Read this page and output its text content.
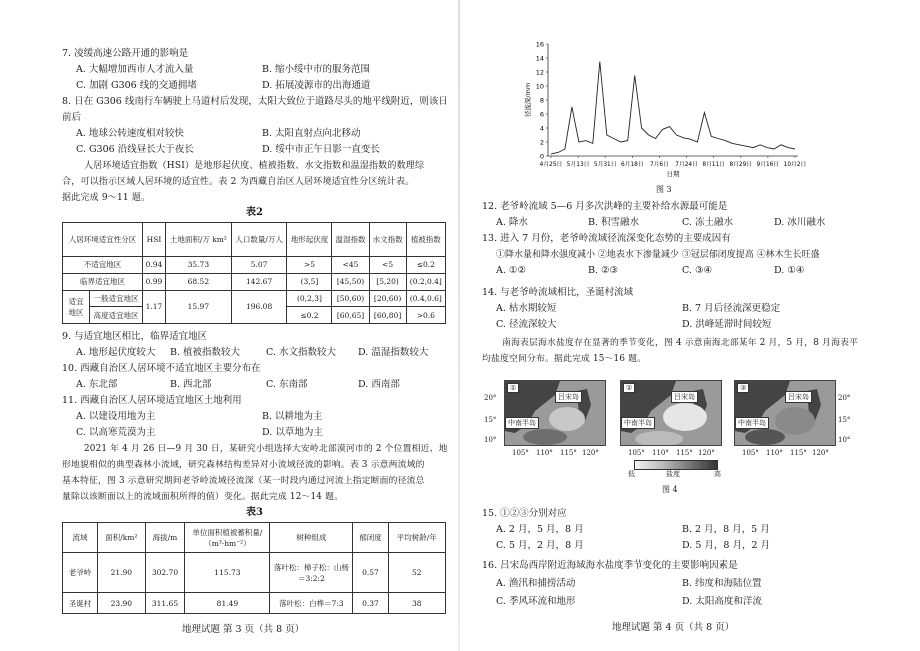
7. 凌缓高速公路开通的影响是
A. 大幅增加西市人才流入量	B. 缩小绥中市的服务范围
C. 加剧 G306 线的交通拥堵	D. 拓展凌源市的出海通道
8. 日在 G306 线南行车辆驶上马道村后发现，太阳大致位于道路尽头的地平线附近，则该日
前后
A. 地球公转速度相对较快	B. 太阳直射点向北移动
C. G306 沿线昼长大于夜长	D. 绥中市正午日影一直变长
人居环境适宜指数（HSI）是地形起伏度、植被指数、水文指数和温湿指数的数理综
合，可以指示区域人居环境的适宜性。表 2 为西藏自治区人居环境适宜性分区统计表。
据此完成 9～11 题。
表2
人居环境适宜性分区		HSI	土地面积/万 km²	人口数量/万人	地形起伏度	温湿指数	水文指数	植被指数
不适宜地区		0.94	35.73	5.07	>5	<45	<5	≤0.2
临界适宜地区		0.99	68.52	142.67	(3,5]	[45,50)	[5,20)	(0.2,0.4]
适宜地区	一般适宜地区	1.17	15.97	196.08	(0,2,3]	[50,60)	[20,60)	(0.4,0.6]
	高度适宜地区				≤0.2	[60,65]	[60,80]	>0.6
9. 与适宜地区相比，临界适宜地区
A. 地形起伏度较大 B. 植被指数较大	C. 水文指数较大 D. 温湿指数较大
10. 西藏自治区人居环境不适宜地区主要分布在
A. 东北部	B. 西北部	C. 东南部	D. 西南部
11. 西藏自治区人居环境适宜地区土地利用
A. 以建设用地为主	B. 以耕地为主
C. 以高寒荒漠为主	D. 以草地为主
2021 年 4 月 26 日—9 月 30 日，某研究小组选择大安岭北部漠河市的 2 个位置相近、地
形地貌相似的典型森林小流域，研究森林结构差异对小流域径流的影响。表 3 示意两流域的
基本特征，图 3 示意研究期间老爷岭流域径流深（某一时段内通过河流上指定断面的径流总
量除以该断面以上的流域面积所得的值）变化。据此完成 12～14 题。
表3
流域	面积/km²	海拔/m	单位面积植被蓄积量/（m³·hm⁻²）	树种组成	郁闭度	平均树龄/年
老爷岭	21.90	302.70	115.73	落叶松：樟子松：山杨＝3:2:2	0.57	52
圣诞村	23.90	311.65	81.49	落叶松：白桦＝7:3	0.37	38
地理试题 第 3 页（共 8 页）
0
2
4
6
8
10
12
14
16
4月25日 5月13日 5月31日 6月18日 7月6日 7月24日 8月11日 8月29日 9月16日 10月2日
日期
径流深/mm
图 3
12. 老爷岭流域 5—6 月多次洪峰的主要补给水源最可能是
A. 降水	B. 积雪融水	C. 冻土融水	D. 冰川融水
13. 进入 7 月份，老爷岭流域径流深变化态势的主要成因有
①降水量和降水强度减小 ②地表水下渗量减少 ③冠层郁闭度提高 ④林木生长旺盛
A. ①②	B. ②③	C. ③④	D. ①④
14. 与老爷岭流域相比，圣诞村流域
A. 枯水期较短	B. 7 月后径流深更稳定
C. 径流深较大	D. 洪峰延滞时间较短
南海表层海水盐度存在显著的季节变化，图 4 示意南海北部某年 2 月，5 月，8 月海表平
均盐度空间分布。据此完成 15～16 题。
①
吕宋岛
中南半岛
②
吕宋岛
中南半岛
③
吕宋岛
中南半岛
20°
15°
10°
20°
15°
10°
105° 110° 115° 120°	105° 110° 115° 120°	105° 110° 115° 120°
低	盐度	高
图 4
15. ①②③分别对应
A. 2 月，5 月，8 月	B. 2 月，8 月，5 月
C. 5 月，2 月，8 月	D. 5 月，8 月，2 月
16. 吕宋岛西岸附近海域海水盐度季节变化的主要影响因素是
A. 渔汛和捕捞活动	B. 纬度和海陆位置
C. 季风环流和地形	D. 太阳高度和洋流
地理试题 第 4 页（共 8 页）
